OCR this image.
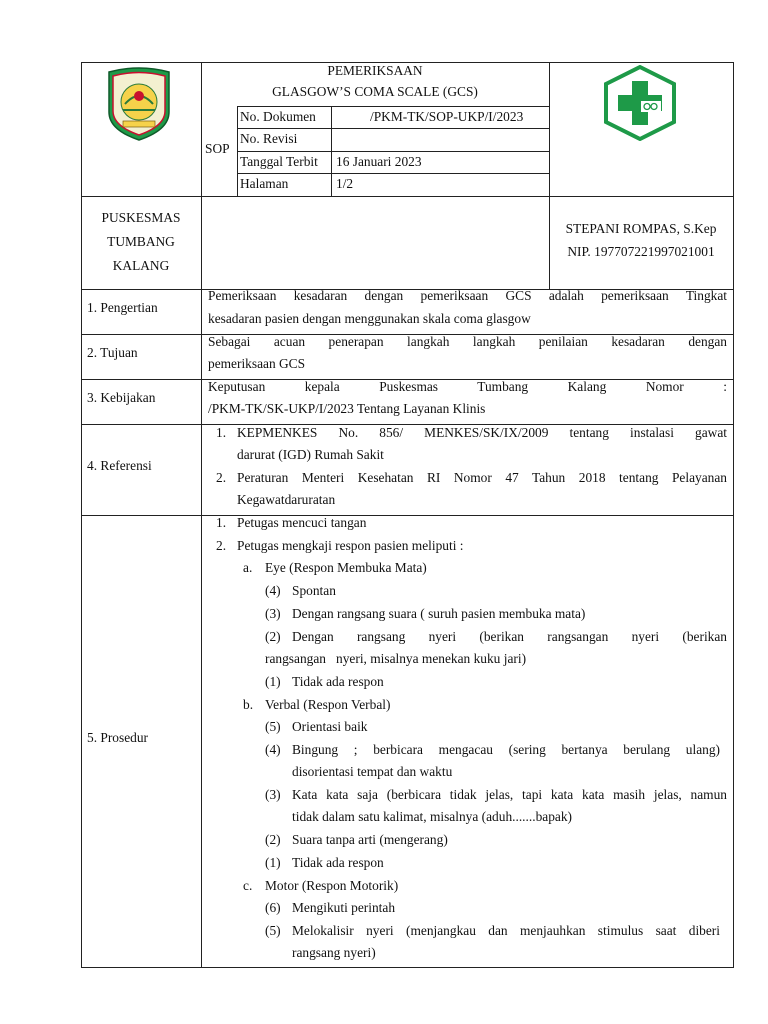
PEMERIKSAAN
GLASGOW’S COMA SCALE (GCS)
SOP
No. Dokumen	/PKM-TK/SOP-UKP/I/2023
No. Revisi
Tanggal Terbit 16 Januari 2023
Halaman	1/2
PUSKESMAS
TUMBANG
KALANG
STEPANI ROMPAS, S.Kep
NIP. 197707221997021001
1. Pengertian
2. Tujuan
3. Kebijakan
4. Referensi
5. Prosedur
Pemeriksaan kesadaran dengan pemeriksaan GCS adalah pemeriksaan Tingkat
kesadaran pasien dengan menggunakan skala coma glasgow
Sebagai acuan penerapan langkah langkah penilaian kesadaran dengan
pemeriksaan GCS
Keputusan kepala Puskesmas Tumbang Kalang Nomor :
/PKM-TK/SK-UKP/I/2023 Tentang Layanan Klinis
1. KEPMENKES No. 856/ MENKES/SK/IX/2009 tentang instalasi gawat
darurat (IGD) Rumah Sakit
2. Peraturan Menteri Kesehatan RI Nomor 47 Tahun 2018 tentang Pelayanan
Kegawatdaruratan
1. Petugas mencuci tangan
2. Petugas mengkaji respon pasien meliputi :
a. Eye (Respon Membuka Mata)
(4) Spontan
(3) Dengan rangsang suara ( suruh pasien membuka mata)
(2) Dengan rangsang nyeri (berikan rangsangan nyeri (berikan
rangsangan   nyeri, misalnya menekan kuku jari)
(1) Tidak ada respon
b. Verbal (Respon Verbal)
(5) Orientasi baik
(4) Bingung ; berbicara mengacau (sering bertanya berulang ulang)
disorientasi tempat dan waktu
(3) Kata kata saja (berbicara tidak jelas, tapi kata kata masih jelas, namun
tidak dalam satu kalimat, misalnya (aduh.......bapak)
(2) Suara tanpa arti (mengerang)
(1) Tidak ada respon
c. Motor (Respon Motorik)
(6) Mengikuti perintah
(5) Melokalisir nyeri (menjangkau dan menjauhkan stimulus saat diberi
rangsang nyeri)
